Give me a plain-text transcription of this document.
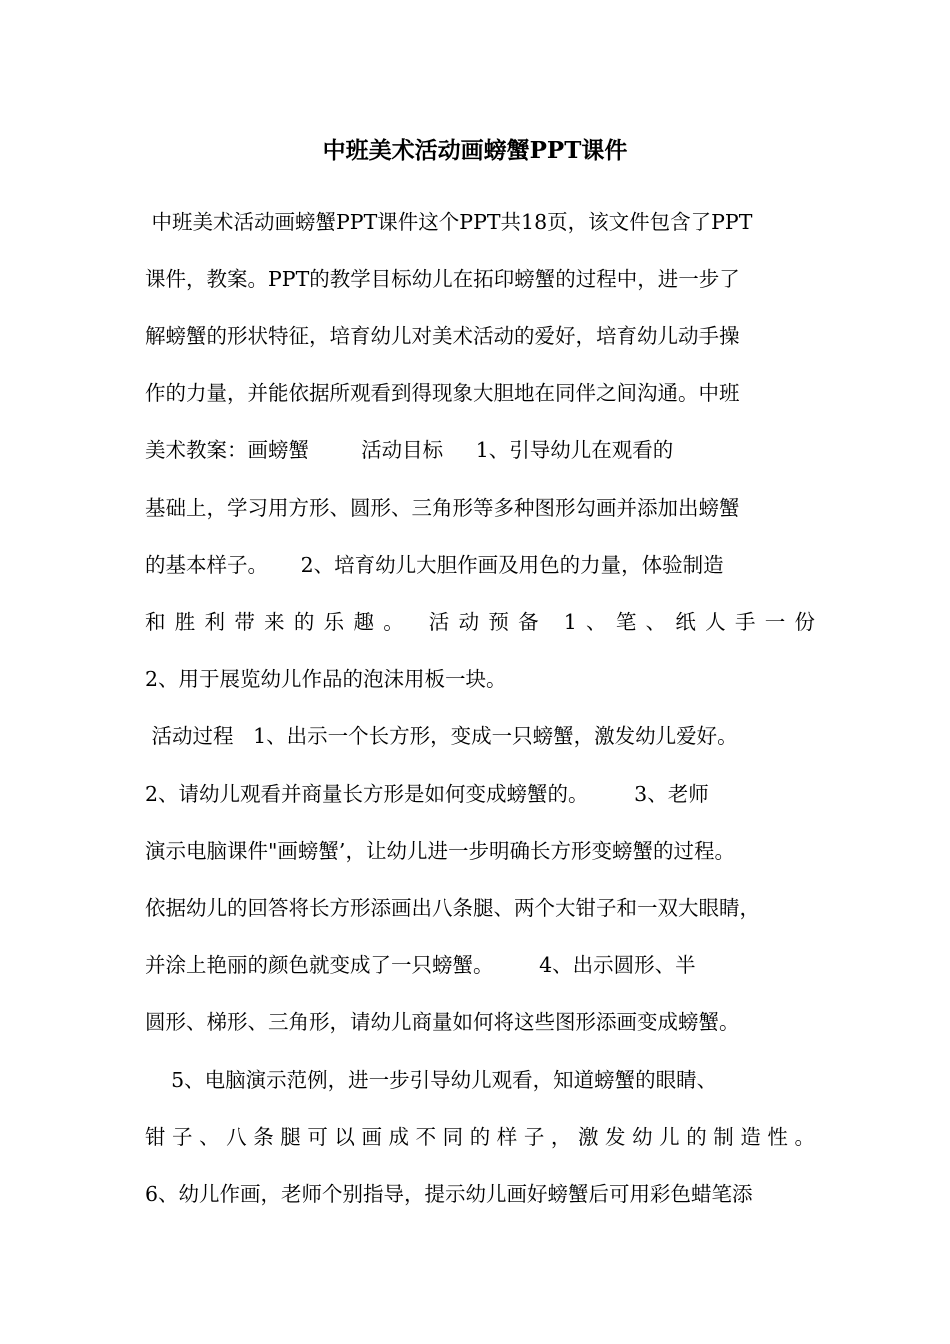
中班美术活动画螃蟹PPT课件
中班美术活动画螃蟹PPT课件这个PPT共18页，该文件包含了PPT
课件，教案。PPT的教学目标幼儿在拓印螃蟹的过程中，进一步了
解螃蟹的形状特征，培育幼儿对美术活动的爱好，培育幼儿动手操
作的力量，并能依据所观看到得现象大胆地在同伴之间沟通。中班
美术教案：画螃蟹        活动目标     1、引导幼儿在观看的
基础上，学习用方形、圆形、三角形等多种图形勾画并添加出螃蟹
的基本样子。     2、培育幼儿大胆作画及用色的力量，体验制造
和胜利带来的乐趣。 活动预备 1、笔、纸人手一份
2、用于展览幼儿作品的泡沫用板一块。
活动过程   1、出示一个长方形，变成一只螃蟹，激发幼儿爱好。
2、请幼儿观看并商量长方形是如何变成螃蟹的。       3、老师
演示电脑课件"画螃蟹’，让幼儿进一步明确长方形变螃蟹的过程。
依据幼儿的回答将长方形添画出八条腿、两个大钳子和一双大眼睛，
并涂上艳丽的颜色就变成了一只螃蟹。       4、出示圆形、半
圆形、梯形、三角形，请幼儿商量如何将这些图形添画变成螃蟹。
5、电脑演示范例，进一步引导幼儿观看，知道螃蟹的眼睛、
钳子、八条腿可以画成不同的样子，激发幼儿的制造性。
6、幼儿作画，老师个别指导，提示幼儿画好螃蟹后可用彩色蜡笔添
